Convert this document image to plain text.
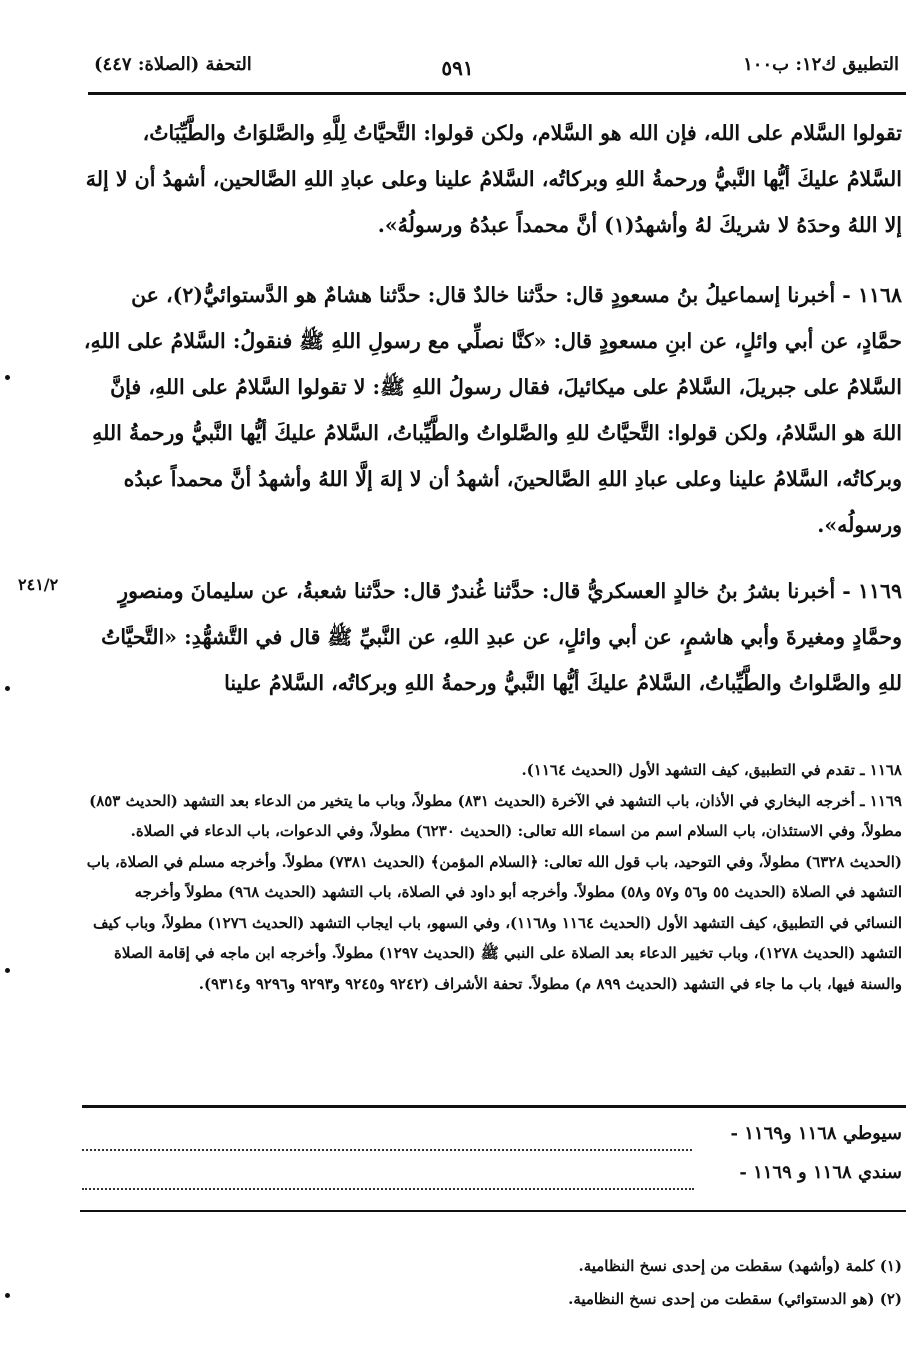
التطبيق ك١٢: ب١٠٠
٥٩١
التحفة (الصلاة: ٤٤٧)
تقولوا السَّلام على الله، فإن الله هو السَّلام، ولكن قولوا: التَّحيَّاتُ لِلَّهِ والصَّلوَاتُ والطَّيِّبَاتُ، السَّلامُ عليكَ أيُّها النَّبيُّ ورحمةُ اللهِ وبركاتُه، السَّلامُ علينا وعلى عبادِ اللهِ الصَّالحين، أشهدُ أن لا إلهَ إلا اللهُ وحدَهُ لا شريكَ لهُ وأشهدُ(١) أنَّ محمداً عبدُهُ ورسولُهُ».
١١٦٨ - أخبرنا إسماعيلُ بنُ مسعودٍ قال: حدَّثنا خالدٌ قال: حدَّثنا هشامٌ هو الدَّستوائيُّ(٢)، عن حمَّادٍ، عن أبي وائلٍ، عن ابنِ مسعودٍ قال: «كنَّا نصلِّي مع رسولِ اللهِ ﷺ فنقولُ: السَّلامُ على اللهِ، السَّلامُ على جبريلَ، السَّلامُ على ميكائيلَ، فقال رسولُ اللهِ ﷺ: لا تقولوا السَّلامُ على اللهِ، فإنَّ اللهَ هو السَّلامُ، ولكن قولوا: التَّحيَّاتُ للهِ والصَّلواتُ والطَّيِّباتُ، السَّلامُ عليكَ أيُّها النَّبيُّ ورحمةُ اللهِ وبركاتُه، السَّلامُ علينا وعلى عبادِ اللهِ الصَّالحينَ، أشهدُ أن لا إلهَ إلَّا اللهُ وأشهدُ أنَّ محمداً عبدُه ورسولُه».
٢٤١/٢	١١٦٩ - أخبرنا بشرُ بنُ خالدٍ العسكريُّ قال: حدَّثنا غُندرٌ قال: حدَّثنا شعبةُ، عن سليمانَ ومنصورٍ وحمَّادٍ ومغيرةَ وأبي هاشمٍ، عن أبي وائلٍ، عن عبدِ اللهِ، عن النَّبيِّ ﷺ قال في التَّشهُّدِ: «التَّحيَّاتُ للهِ والصَّلواتُ والطَّيِّباتُ، السَّلامُ عليكَ أيُّها النَّبيُّ ورحمةُ اللهِ وبركاتُه، السَّلامُ علينا

١١٦٨ ـ تقدم في التطبيق، كيف التشهد الأول (الحديث ١١٦٤).

١١٦٩ ـ أخرجه البخاري في الأذان، باب التشهد في الآخرة (الحديث ٨٣١) مطولاً، وباب ما يتخير من الدعاء بعد التشهد (الحديث ٨٥٣) مطولاً، وفي الاستئذان، باب السلام اسم من اسماء الله تعالى: (الحديث ٦٢٣٠) مطولاً، وفي الدعوات، باب الدعاء في الصلاة. (الحديث ٦٣٢٨) مطولاً، وفي التوحيد، باب قول الله تعالى: ﴿السلام المؤمن﴾ (الحديث ٧٣٨١) مطولاً. وأخرجه مسلم في الصلاة، باب التشهد في الصلاة (الحديث ٥٥ و٥٦ و٥٧ و٥٨) مطولاً. وأخرجه أبو داود في الصلاة، باب التشهد (الحديث ٩٦٨) مطولاً وأخرجه النسائي في التطبيق، كيف التشهد الأول (الحديث ١١٦٤ و١١٦٨)، وفي السهو، باب ايجاب التشهد (الحديث ١٢٧٦) مطولاً، وباب كيف التشهد (الحديث ١٢٧٨)، وباب تخيير الدعاء بعد الصلاة على النبي ﷺ (الحديث ١٢٩٧) مطولاً. وأخرجه ابن ماجه في إقامة الصلاة والسنة فيها، باب ما جاء في التشهد (الحديث ٨٩٩ م) مطولاً. تحفة الأشراف (٩٢٤٢ و٩٢٤٥ و٩٢٩٣ و٩٢٩٦ و٩٣١٤).

سيوطي ١١٦٨ و١١٦٩ -
سندي ١١٦٨ و ١١٦٩ -

(١) كلمة (وأشهد) سقطت من إحدى نسخ النظامية.

(٢) (هو الدستوائي) سقطت من إحدى نسخ النظامية.
